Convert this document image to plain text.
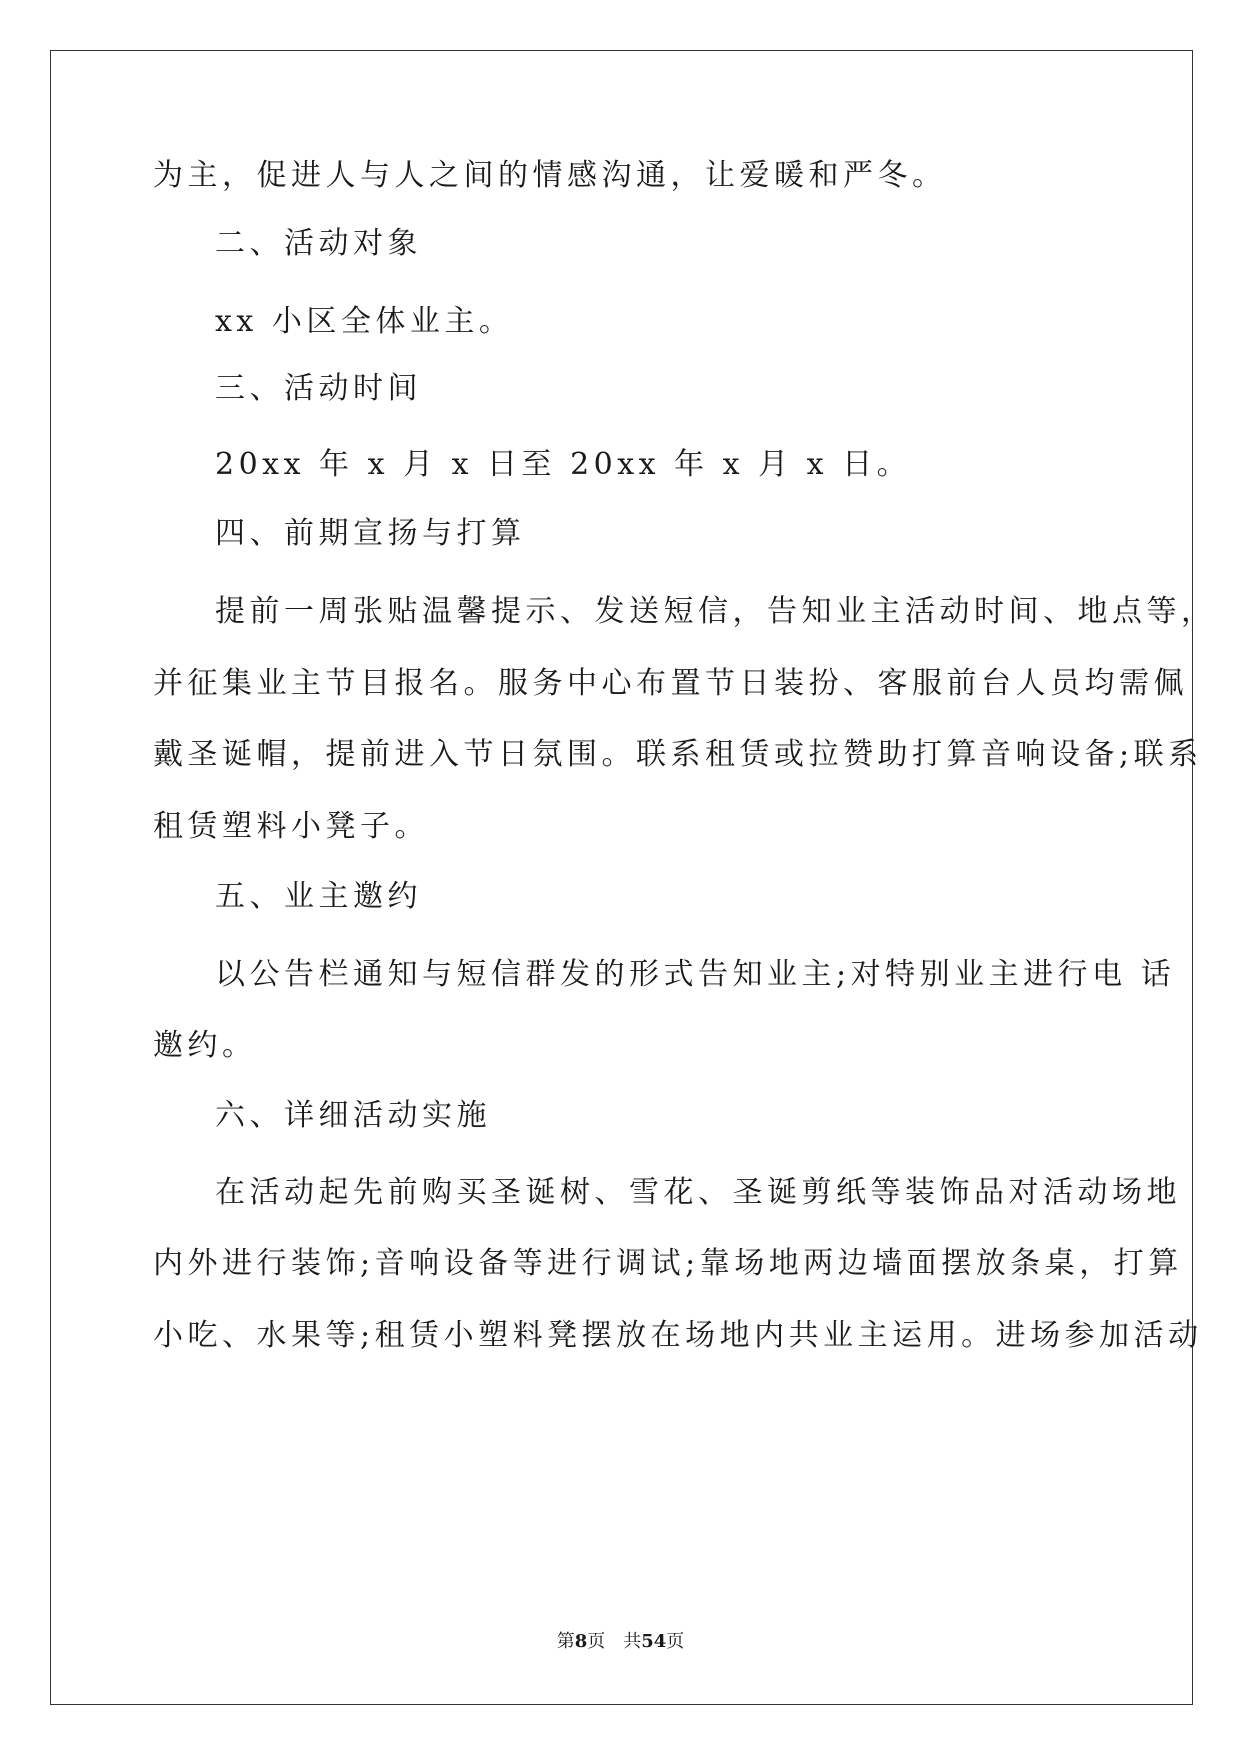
为主，促进人与人之间的情感沟通，让爱暖和严冬。
二、活动对象
xx 小区全体业主。
三、活动时间
20xx 年 x 月 x 日至 20xx 年 x 月 x 日。
四、前期宣扬与打算
提前一周张贴温馨提示、发送短信，告知业主活动时间、地点等，
并征集业主节目报名。服务中心布置节日装扮、客服前台人员均需佩
戴圣诞帽，提前进入节日氛围。联系租赁或拉赞助打算音响设备;联系
租赁塑料小凳子。
五、业主邀约
以公告栏通知与短信群发的形式告知业主;对特别业主进行电 话
邀约。
六、详细活动实施
在活动起先前购买圣诞树、雪花、圣诞剪纸等装饰品对活动场地
内外进行装饰;音响设备等进行调试;靠场地两边墙面摆放条桌，打算
小吃、水果等;租赁小塑料凳摆放在场地内共业主运用。进场参加活动
第8页　共54页
